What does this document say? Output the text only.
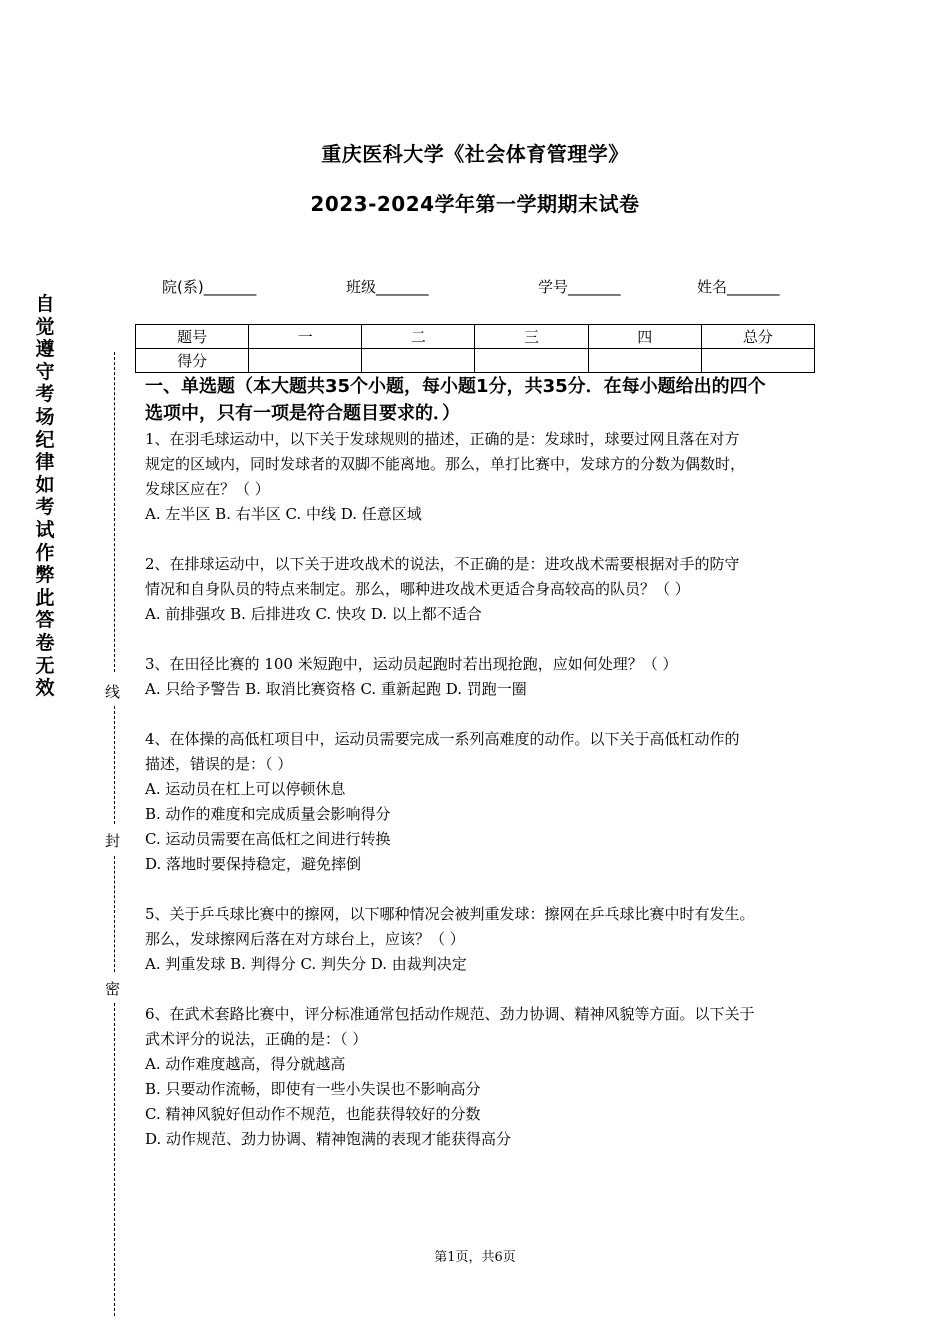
重庆医科大学《社会体育管理学》
2023-2024学年第一学期期末试卷
院(系)_______	班级_______	学号_______	姓名_______
题号	一	二	三	四	总分
得分					
自觉遵守考场纪律如考试作弊此答卷无效	线
封
密
一、单选题（本大题共35个小题，每小题1分，共35分．在每小题给出的四个
选项中，只有一项是符合题目要求的．）
1、在羽毛球运动中，以下关于发球规则的描述，正确的是：发球时，球要过网且落在对方
规定的区域内，同时发球者的双脚不能离地。那么，单打比赛中，发球方的分数为偶数时，
发球区应在？（ ）
A. 左半区 B. 右半区 C. 中线 D. 任意区域
2、在排球运动中，以下关于进攻战术的说法，不正确的是：进攻战术需要根据对手的防守
情况和自身队员的特点来制定。那么，哪种进攻战术更适合身高较高的队员？（ ）
A. 前排强攻 B. 后排进攻 C. 快攻 D. 以上都不适合
3、在田径比赛的 100 米短跑中，运动员起跑时若出现抢跑，应如何处理？（ ）
A. 只给予警告 B. 取消比赛资格 C. 重新起跑 D. 罚跑一圈
4、在体操的高低杠项目中，运动员需要完成一系列高难度的动作。以下关于高低杠动作的
描述，错误的是：（ ）
A. 运动员在杠上可以停顿休息
B. 动作的难度和完成质量会影响得分
C. 运动员需要在高低杠之间进行转换
D. 落地时要保持稳定，避免摔倒
5、关于乒乓球比赛中的擦网，以下哪种情况会被判重发球：擦网在乒乓球比赛中时有发生。
那么，发球擦网后落在对方球台上，应该？（ ）
A. 判重发球 B. 判得分 C. 判失分 D. 由裁判决定
6、在武术套路比赛中，评分标准通常包括动作规范、劲力协调、精神风貌等方面。以下关于
武术评分的说法，正确的是：（ ）
A. 动作难度越高，得分就越高
B. 只要动作流畅，即使有一些小失误也不影响高分
C. 精神风貌好但动作不规范，也能获得较好的分数
D. 动作规范、劲力协调、精神饱满的表现才能获得高分
第1页，共6页
